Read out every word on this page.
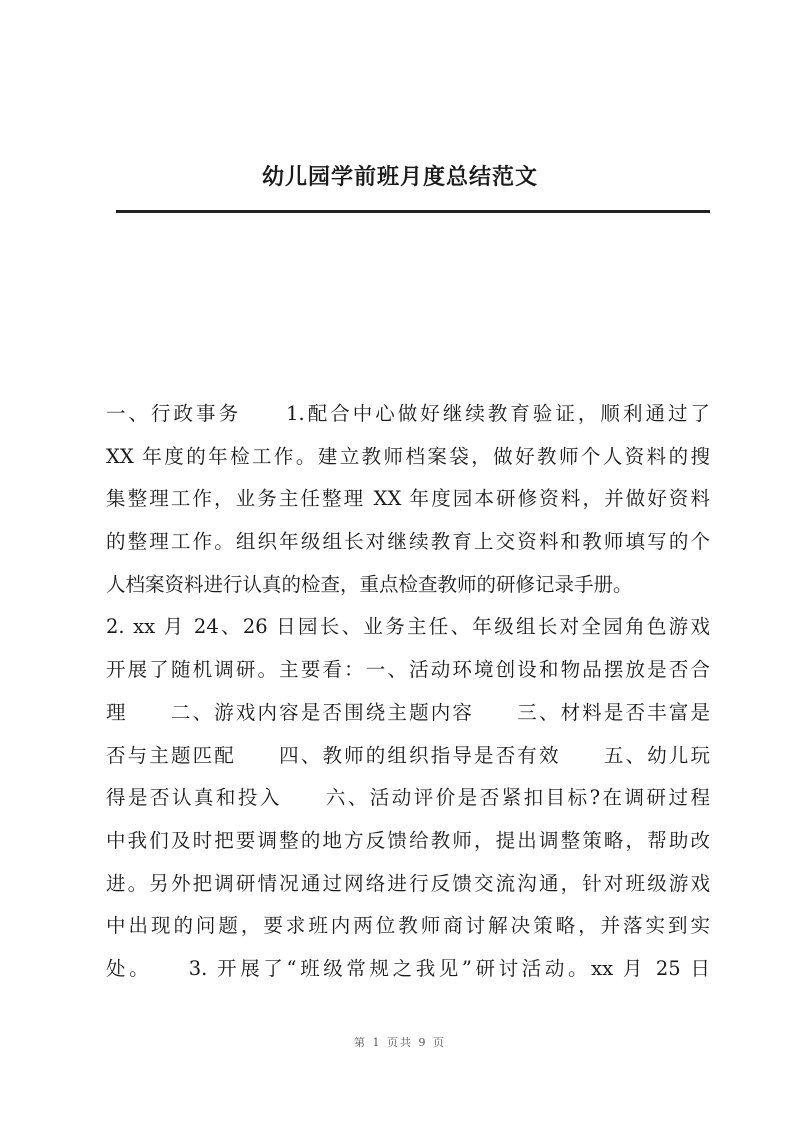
幼儿园学前班月度总结范文
一、行政事务　　1.配合中心做好继续教育验证，顺利通过了
XX 年度的年检工作。建立教师档案袋，做好教师个人资料的搜
集整理工作，业务主任整理 XX 年度园本研修资料，并做好资料
的整理工作。组织年级组长对继续教育上交资料和教师填写的个
人档案资料进行认真的检查，重点检查教师的研修记录手册。
2. xx 月 24、26 日园长、业务主任、年级组长对全园角色游戏
开展了随机调研。主要看：一、活动环境创设和物品摆放是否合
理　　二、游戏内容是否围绕主题内容　　三、材料是否丰富是
否与主题匹配　　四、教师的组织指导是否有效　　五、幼儿玩
得是否认真和投入　　六、活动评价是否紧扣目标?在调研过程
中我们及时把要调整的地方反馈给教师，提出调整策略，帮助改
进。另外把调研情况通过网络进行反馈交流沟通，针对班级游戏
中出现的问题，要求班内两位教师商讨解决策略，并落实到实
处。　　3. 开展了“班级常规之我见”研讨活动。xx 月 25 日
第 1 页共 9 页
